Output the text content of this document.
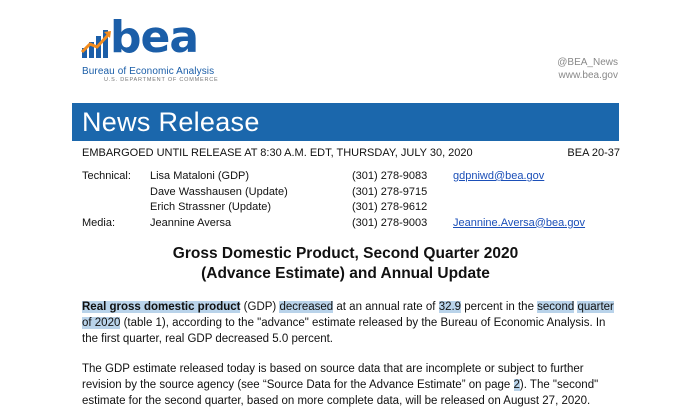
bea
Bureau of Economic Analysis
U.S. DEPARTMENT OF COMMERCE
@BEA_News
www.bea.gov
News Release
EMBARGOED UNTIL RELEASE AT 8:30 A.M. EDT, THURSDAY, JULY 30, 2020	BEA 20-37
Technical: Lisa Mataloni (GDP)	(301) 278-9083 gdpniwd@bea.gov
Dave Wasshausen (Update)	(301) 278-9715
Erich Strassner (Update)	(301) 278-9612
Media:	Jeannine Aversa	(301) 278-9003 Jeannine.Aversa@bea.gov
Gross Domestic Product, Second Quarter 2020
(Advance Estimate) and Annual Update
Real gross domestic product (GDP) decreased at an annual rate of 32.9 percent in the second quarter of 2020 (table 1), according to the "advance" estimate released by the Bureau of Economic Analysis. In the first quarter, real GDP decreased 5.0 percent.
The GDP estimate released today is based on source data that are incomplete or subject to further revision by the source agency (see “Source Data for the Advance Estimate” on page 2). The "second" estimate for the second quarter, based on more complete data, will be released on August 27, 2020.
